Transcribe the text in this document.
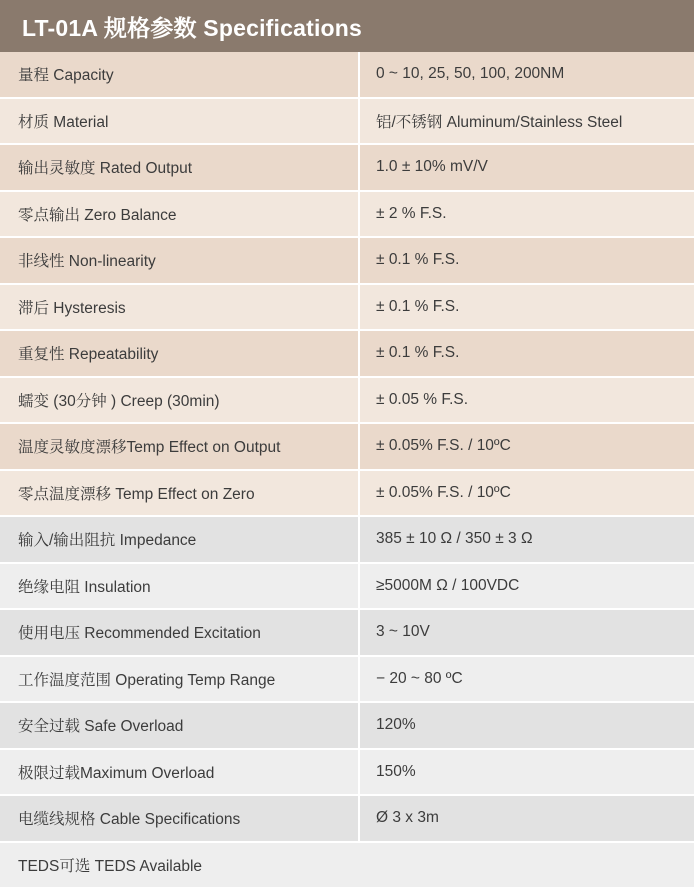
LT-01A 规格参数 Specifications
量程 Capacity	0 ~ 10, 25, 50, 100, 200NM
材质 Material	铝/不锈钢 Aluminum/Stainless Steel
输出灵敏度 Rated Output	1.0 ± 10% mV/V
零点输出 Zero Balance	± 2 % F.S.
非线性 Non-linearity	± 0.1 % F.S.
滞后 Hysteresis	± 0.1 % F.S.
重复性 Repeatability	± 0.1 % F.S.
蠕变 (30分钟 ) Creep (30min)	± 0.05 % F.S.
温度灵敏度漂移Temp Effect on Output	± 0.05% F.S. / 10ºC
零点温度漂移 Temp Effect on Zero	± 0.05% F.S. / 10ºC
输入/输出阻抗 Impedance	385 ± 10 Ω / 350 ± 3 Ω
绝缘电阻 Insulation	≥5000M Ω / 100VDC
使用电压 Recommended Excitation	3 ~ 10V
工作温度范围 Operating Temp Range	− 20 ~ 80 ºC
安全过载 Safe Overload	120%
极限过载Maximum Overload	150%
电缆线规格 Cable Specifications	Ø 3 x 3m
TEDS可选 TEDS Available
